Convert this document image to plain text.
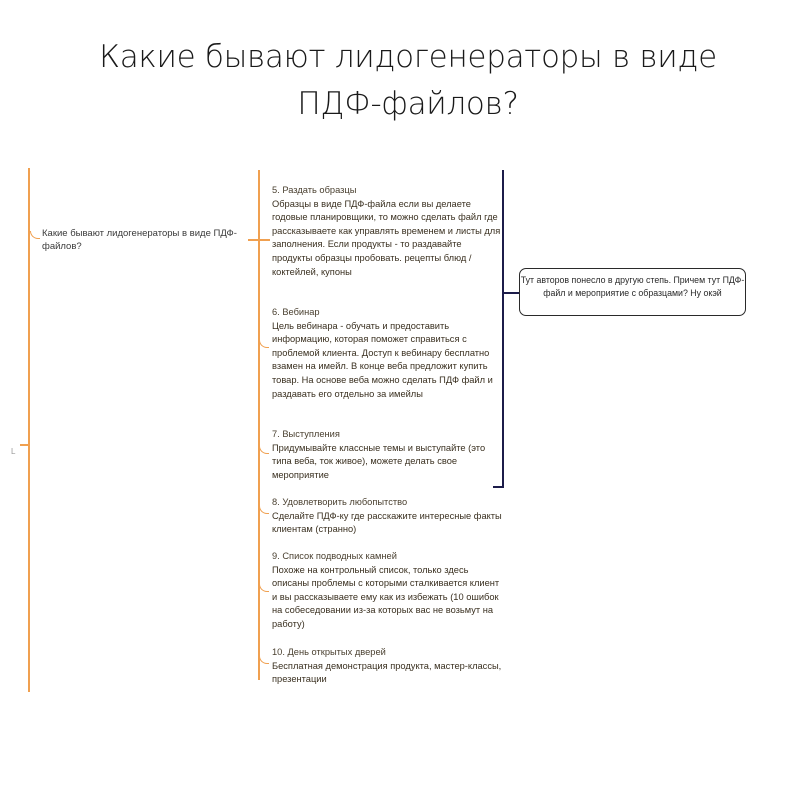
Какие бывают лидогенераторы в виде
ПДФ-файлов?
L
Какие бывают лидогенераторы в виде ПДФ-файлов?
5. Раздать образцы
Образцы в виде ПДФ-файла если вы делаете годовые планировщики, то можно сделать файл где рассказываете как управлять временем и листы для заполнения. Если продукты - то раздавайте продукты образцы пробовать. рецепты блюд / коктейлей, купоны
6. Вебинар
Цель вебинара - обучать и предоставить информацию, которая поможет справиться с проблемой клиента. Доступ к вебинару бесплатно взамен на имейл. В конце веба предложит купить товар. На основе веба можно сделать ПДФ файл и раздавать его отдельно за имейлы
7. Выступления
Придумывайте классные темы и выступайте (это типа веба, ток живое), можете делать свое мероприятие
8. Удовлетворить любопытство
Сделайте ПДФ-ку где расскажите интересные факты клиентам (странно)
9. Список подводных камней
Похоже на контрольный список, только здесь описаны проблемы с которыми сталкивается клиент и вы рассказываете ему как из избежать (10 ошибок на собеседовании из-за которых вас не возьмут на работу)
10. День открытых дверей
Бесплатная демонстрация продукта, мастер-классы, презентации
Тут авторов понесло в другую степь. Причем тут ПДФ-файл и мероприятие с образцами? Ну окэй
